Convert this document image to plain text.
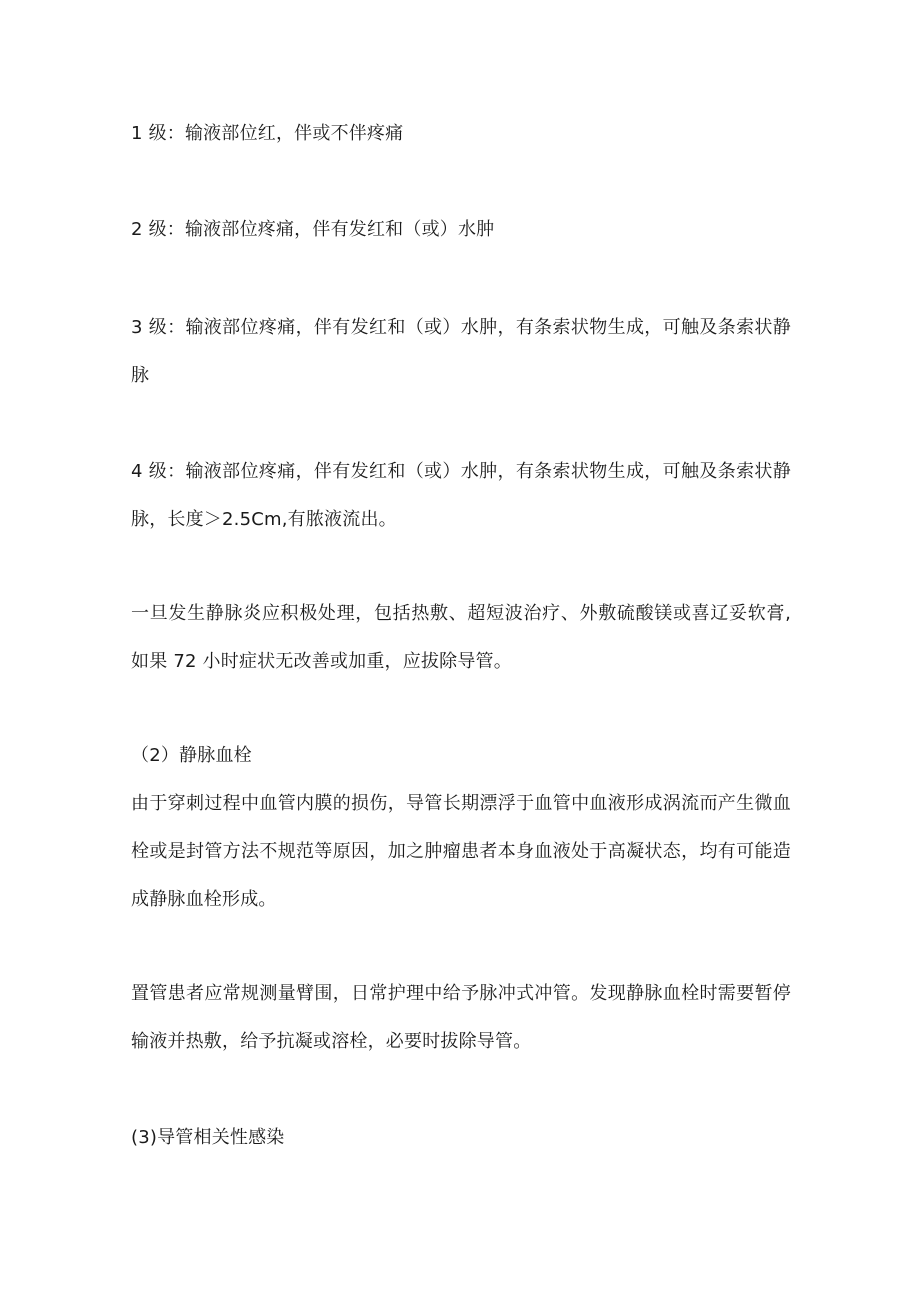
1 级：输液部位红，伴或不伴疼痛
2 级：输液部位疼痛，伴有发红和（或）水肿
3 级：输液部位疼痛，伴有发红和（或）水肿，有条索状物生成，可触及条索状静
脉
4 级：输液部位疼痛，伴有发红和（或）水肿，有条索状物生成，可触及条索状静
脉，长度＞2.5Cm,有脓液流出。
一旦发生静脉炎应积极处理，包括热敷、超短波治疗、外敷硫酸镁或喜辽妥软膏,
如果 72 小时症状无改善或加重，应拔除导管。
（2）静脉血栓
由于穿刺过程中血管内膜的损伤，导管长期漂浮于血管中血液形成涡流而产生微血
栓或是封管方法不规范等原因，加之肿瘤患者本身血液处于高凝状态，均有可能造
成静脉血栓形成。
置管患者应常规测量臂围，日常护理中给予脉冲式冲管。发现静脉血栓时需要暂停
输液并热敷，给予抗凝或溶栓，必要时拔除导管。
(3)导管相关性感染
